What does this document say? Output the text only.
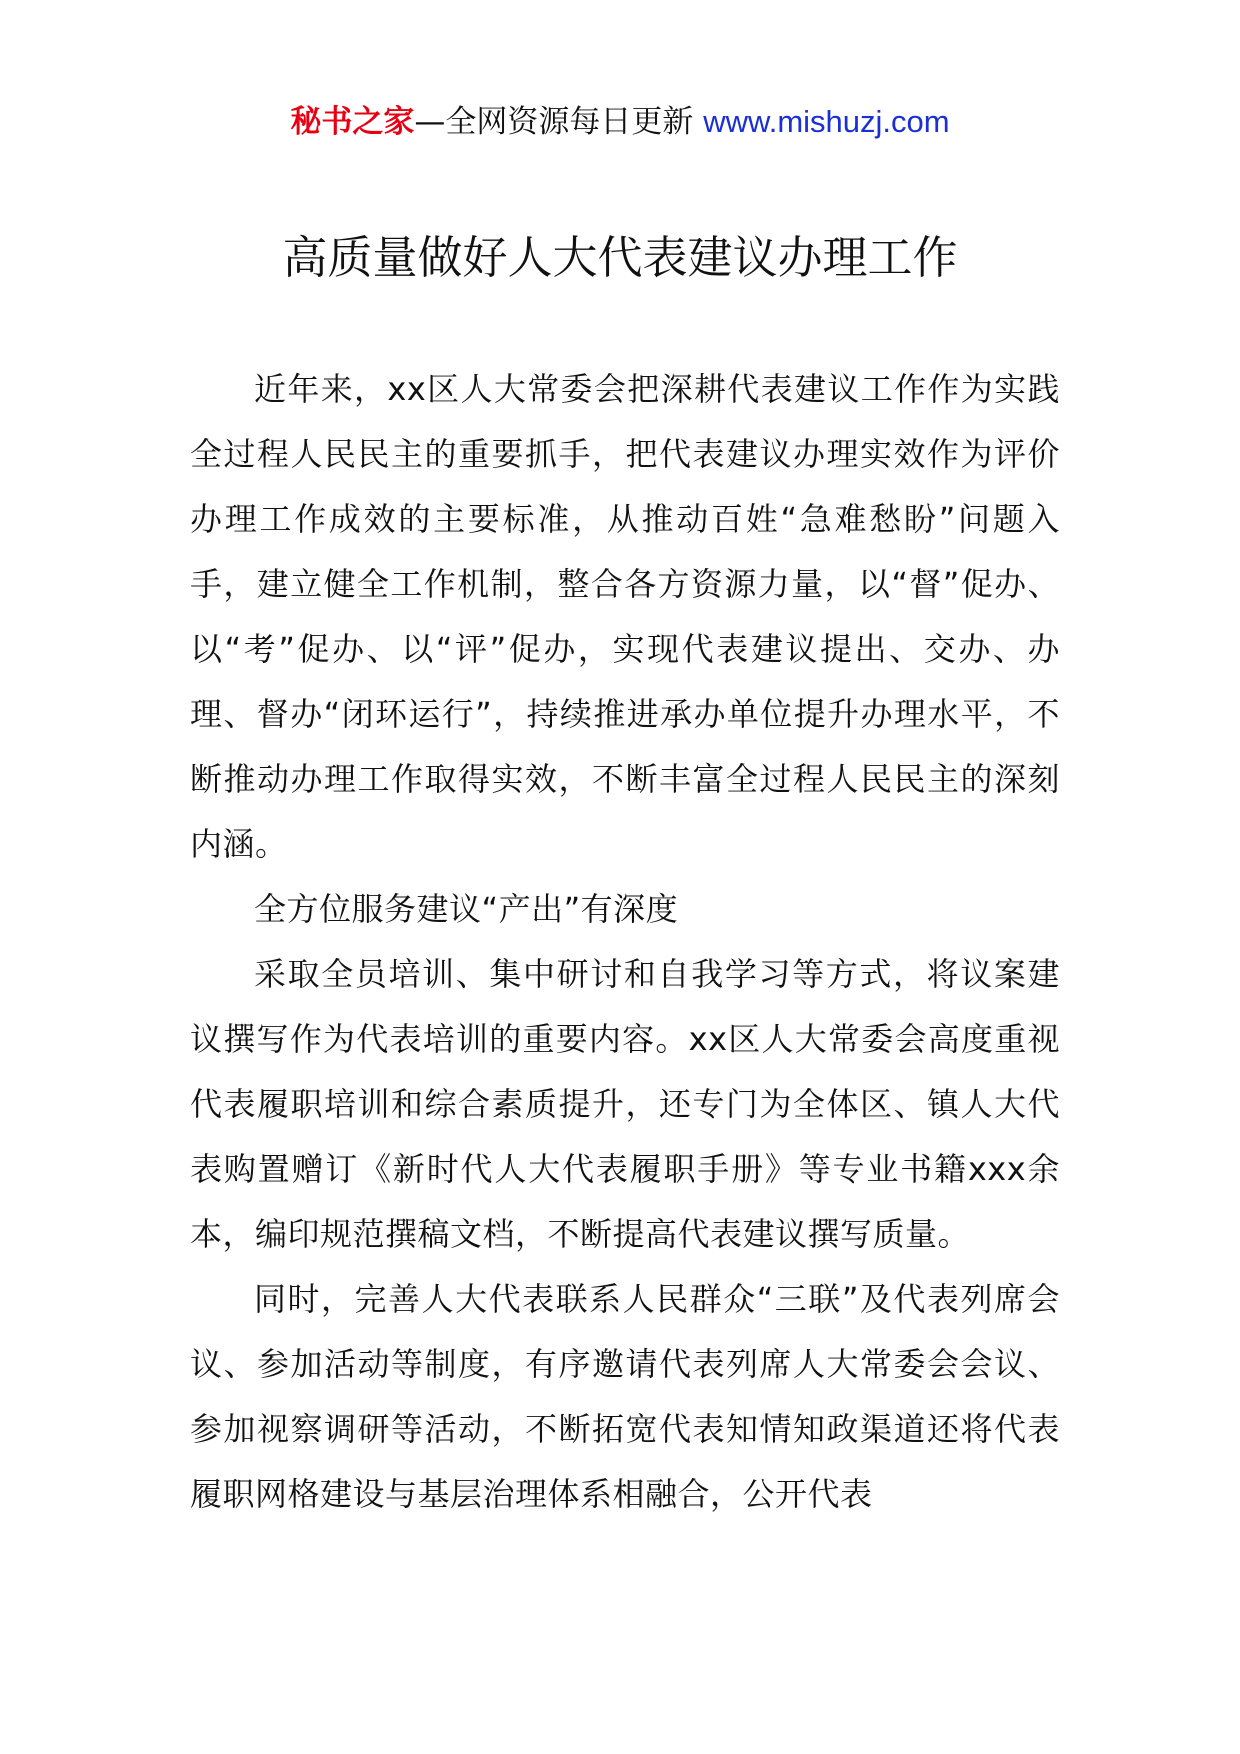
秘书之家—全网资源每日更新 www.mishuzj.com
高质量做好人大代表建议办理工作

近年来，xx区人大常委会把深耕代表建议工作作为实践全过程人民民主的重要抓手，把代表建议办理实效作为评价办理工作成效的主要标准，从推动百姓“急难愁盼”问题入手，建立健全工作机制，整合各方资源力量，以“督”促办、以“考”促办、以“评”促办，实现代表建议提出、交办、办理、督办“闭环运行”，持续推进承办单位提升办理水平，不断推动办理工作取得实效，不断丰富全过程人民民主的深刻内涵。

全方位服务建议“产出”有深度

采取全员培训、集中研讨和自我学习等方式，将议案建议撰写作为代表培训的重要内容。xx区人大常委会高度重视代表履职培训和综合素质提升，还专门为全体区、镇人大代表购置赠订《新时代人大代表履职手册》等专业书籍xxx余本，编印规范撰稿文档，不断提高代表建议撰写质量。

同时，完善人大代表联系人民群众“三联”及代表列席会议、参加活动等制度，有序邀请代表列席人大常委会会议、参加视察调研等活动，不断拓宽代表知情知政渠道还将代表履职网格建设与基层治理体系相融合，公开代表
